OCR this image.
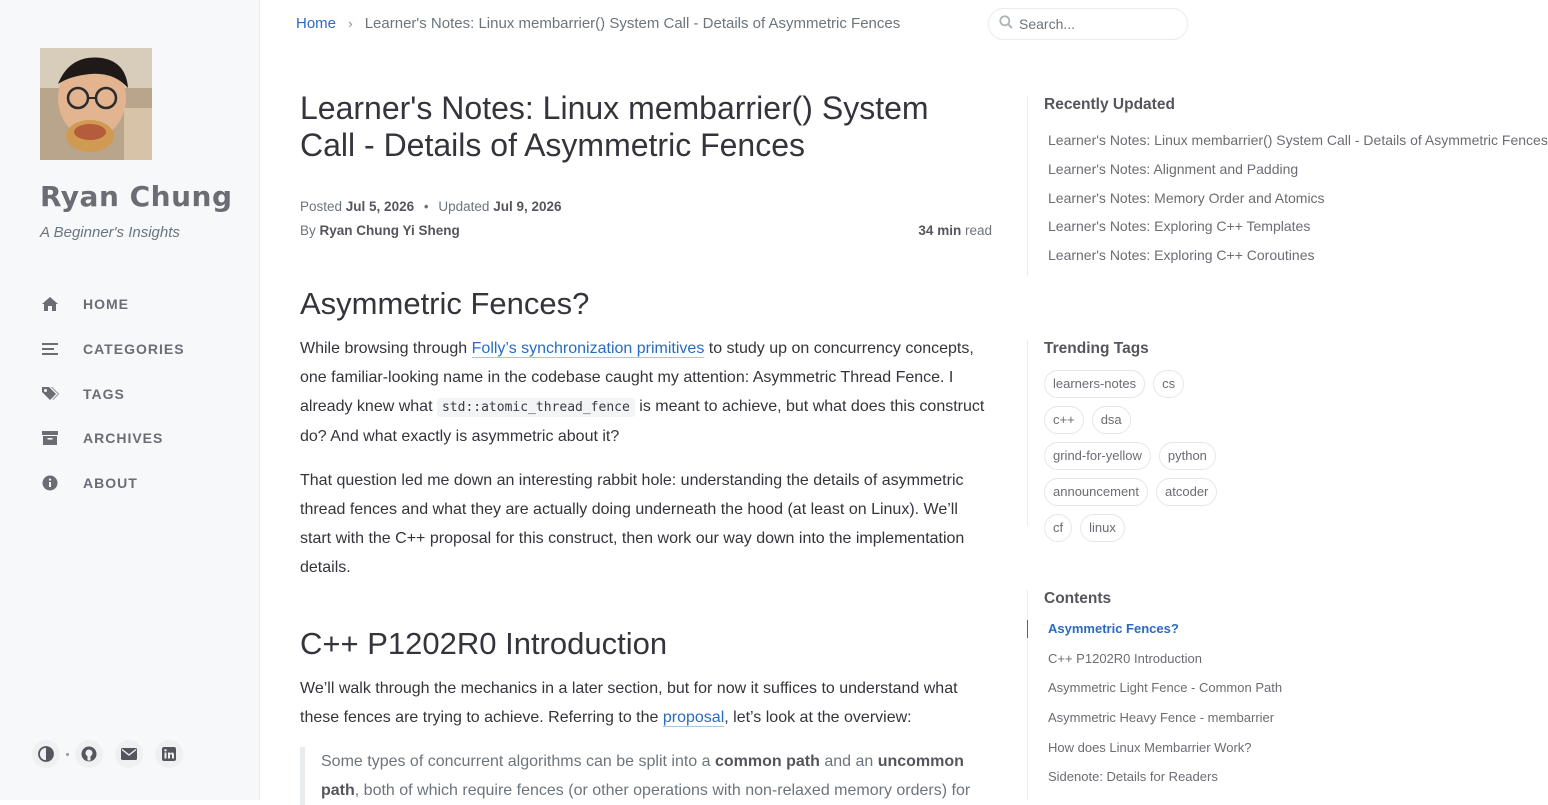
Ryan Chung
A Beginner's Insights
HOME
CATEGORIES
TAGS
ARCHIVES
ABOUT
Home › Learner's Notes: Linux membarrier() System Call - Details of Asymmetric Fences
Search...
Learner's Notes: Linux membarrier() System Call - Details of Asymmetric Fences
Posted Jul 5, 2026 • Updated Jul 9, 2026
By Ryan Chung Yi Sheng	34 min read
Asymmetric Fences?

While browsing through Folly’s synchronization primitives to study up on concurrency concepts, one familiar-looking name in the codebase caught my attention: Asymmetric Thread Fence. I already knew what std::atomic_thread_fence is meant to achieve, but what does this construct do? And what exactly is asymmetric about it?

That question led me down an interesting rabbit hole: understanding the details of asymmetric thread fences and what they are actually doing underneath the hood (at least on Linux). We’ll start with the C++ proposal for this construct, then work our way down into the implementation details.

C++ P1202R0 Introduction

We’ll walk through the mechanics in a later section, but for now it suffices to understand what these fences are trying to achieve. Referring to the proposal, let’s look at the overview:

Some types of concurrent algorithms can be split into a common path and an uncommon path, both of which require fences (or other operations with non-relaxed memory orders) for
Recently Updated
Learner's Notes: Linux membarrier() System Call - Details of Asymmetric Fences
Learner's Notes: Alignment and Padding
Learner's Notes: Memory Order and Atomics
Learner's Notes: Exploring C++ Templates
Learner's Notes: Exploring C++ Coroutines
Trending Tags
learners-notes	cs
c++	dsa
grind-for-yellow	python
announcement	atcoder
cf	linux
Contents
Asymmetric Fences?
C++ P1202R0 Introduction
Asymmetric Light Fence - Common Path
Asymmetric Heavy Fence - membarrier
How does Linux Membarrier Work?
Sidenote: Details for Readers
